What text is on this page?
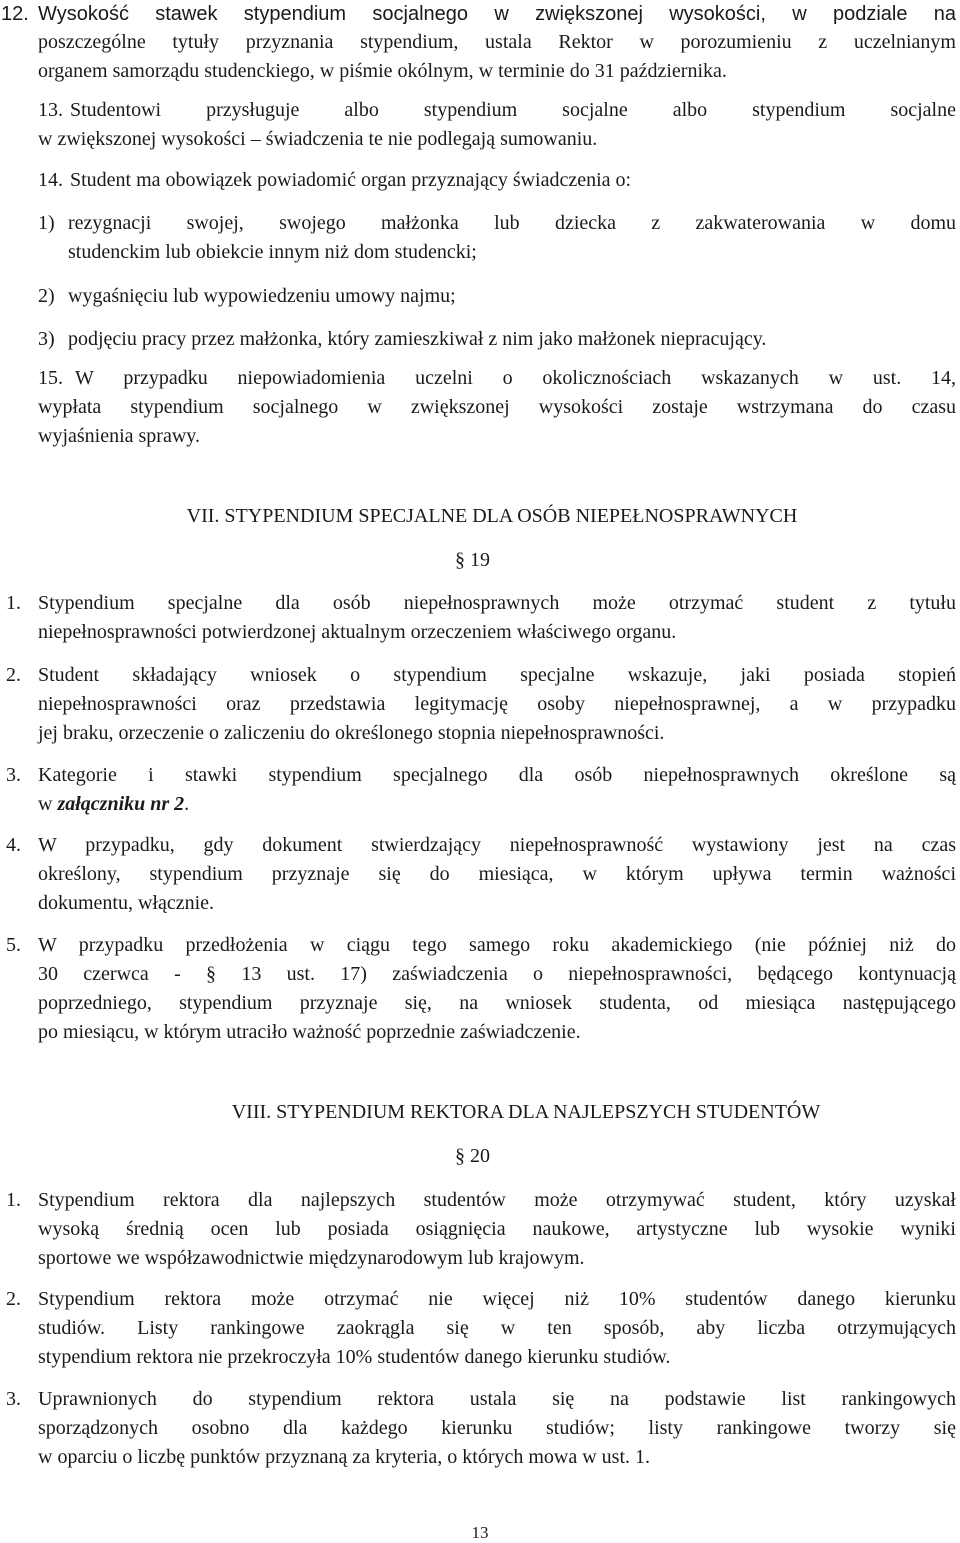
12. Wysokość stawek stypendium socjalnego w zwiększonej wysokości, w podziale na
poszczególne tytuły przyznania stypendium, ustala Rektor w porozumieniu z uczelnianym
organem samorządu studenckiego, w piśmie okólnym, w terminie do 31 października.
13. Studentowi przysługuje albo stypendium socjalne albo stypendium socjalne
w zwiększonej wysokości – świadczenia te nie podlegają sumowaniu.
14. Student ma obowiązek powiadomić organ przyznający świadczenia o:
1) rezygnacji swojej, swojego małżonka lub dziecka z zakwaterowania w domu
studenckim lub obiekcie innym niż dom studencki;
2) wygaśnięciu lub wypowiedzeniu umowy najmu;
3) podjęciu pracy przez małżonka, który zamieszkiwał z nim jako małżonek niepracujący.
15. W przypadku niepowiadomienia uczelni o okolicznościach wskazanych w ust. 14,
wypłata stypendium socjalnego w zwiększonej wysokości zostaje wstrzymana do czasu
wyjaśnienia sprawy.
VII. STYPENDIUM SPECJALNE DLA OSÓB NIEPEŁNOSPRAWNYCH
§ 19
1. Stypendium specjalne dla osób niepełnosprawnych może otrzymać student z tytułu
niepełnosprawności potwierdzonej aktualnym orzeczeniem właściwego organu.
2. Student składający wniosek o stypendium specjalne wskazuje, jaki posiada stopień
niepełnosprawności oraz przedstawia legitymację osoby niepełnosprawnej, a w przypadku
jej braku, orzeczenie o zaliczeniu do określonego stopnia niepełnosprawności.
3. Kategorie i stawki stypendium specjalnego dla osób niepełnosprawnych określone są
w załączniku nr 2.
4. W przypadku, gdy dokument stwierdzający niepełnosprawność wystawiony jest na czas
określony, stypendium przyznaje się do miesiąca, w którym upływa termin ważności
dokumentu, włącznie.
5. W przypadku przedłożenia w ciągu tego samego roku akademickiego (nie później niż do
30 czerwca - § 13 ust. 17) zaświadczenia o niepełnosprawności, będącego kontynuacją
poprzedniego, stypendium przyznaje się, na wniosek studenta, od miesiąca następującego
po miesiącu, w którym utraciło ważność poprzednie zaświadczenie.
VIII. STYPENDIUM REKTORA DLA NAJLEPSZYCH STUDENTÓW
§ 20
1. Stypendium rektora dla najlepszych studentów może otrzymywać student, który uzyskał
wysoką średnią ocen lub posiada osiągnięcia naukowe, artystyczne lub wysokie wyniki
sportowe we współzawodnictwie międzynarodowym lub krajowym.
2. Stypendium rektora może otrzymać nie więcej niż 10% studentów danego kierunku
studiów. Listy rankingowe zaokrągla się w ten sposób, aby liczba otrzymujących
stypendium rektora nie przekroczyła 10% studentów danego kierunku studiów.
3. Uprawnionych do stypendium rektora ustala się na podstawie list rankingowych
sporządzonych osobno dla każdego kierunku studiów; listy rankingowe tworzy się
w oparciu o liczbę punktów przyznaną za kryteria, o których mowa w ust. 1.
13
